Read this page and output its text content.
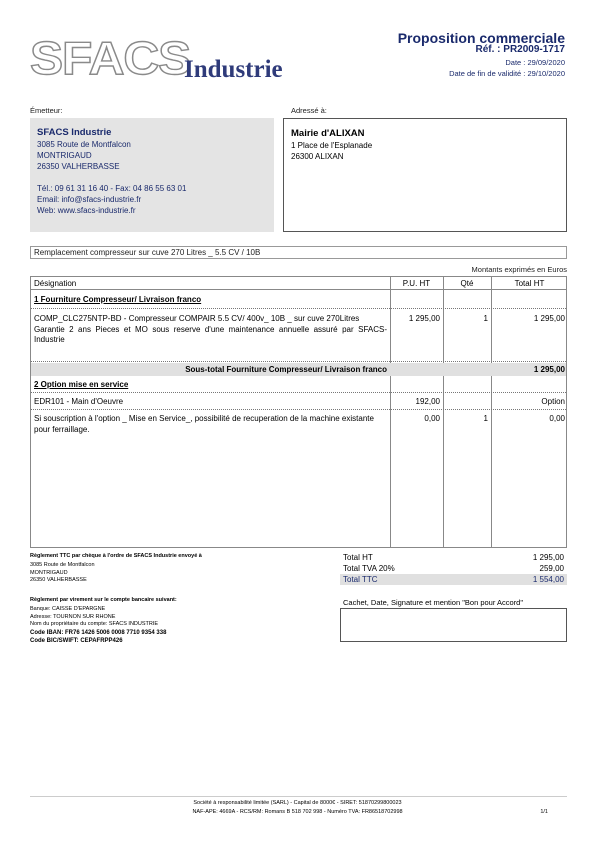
SFACS
Industrie
Proposition commerciale
Réf. : PR2009-1717
Date : 29/09/2020
Date de fin de validité : 29/10/2020
Émetteur:
SFACS Industrie
3085 Route de Montfalcon
MONTRIGAUD
26350 VALHERBASSE
Tél.: 09 61 31 16 40 - Fax: 04 86 55 63 01
Email: info@sfacs-industrie.fr
Web: www.sfacs-industrie.fr
Adressé à:
Mairie d'ALIXAN
1 Place de l'Esplanade
26300 ALIXAN
Remplacement compresseur sur cuve 270 Litres _ 5.5 CV / 10B
Montants exprimés en Euros
Désignation	P.U. HT	Qté	Total HT
1 Fourniture Compresseur/ Livraison franco
COMP_CLC275NTP-BD - Compresseur COMPAIR 5.5 CV/ 400v_ 10B _ sur cuve 270Litres
Garantie 2 ans Pieces et MO sous reserve d'une maintenance annuelle assuré par SFACS-Industrie
1 295,00	1	1 295,00
Sous-total Fourniture Compresseur/ Livraison franco	1 295,00
2 Option mise en service
EDR101 - Main d'Oeuvre	192,00	Option
Si souscription à l'option _ Mise en Service_, possibilité de recuperation de la machine existante pour ferraillage.
0,00	1	0,00
Règlement TTC par chèque à l'ordre de SFACS Industrie envoyé à
3085 Route de Montfalcon
MONTRIGAUD
26350 VALHERBASSE
Règlement par virement sur le compte bancaire suivant:
Banque: CAISSE D'EPARGNE
Adresse: TOURNON SUR RHONE
Nom du propriétaire du compte: SFACS INDUSTRIE
Code IBAN: FR76 1426 5006 0008 7710 9354 338
Code BIC/SWIFT: CEPAFRPP426
Total HT	1 295,00
Total TVA 20%	259,00
Total TTC	1 554,00
Cachet, Date, Signature et mention "Bon pour Accord"
Société à responsabilité limitée (SARL) - Capital de 8000€ - SIRET: 51870299800023
NAF-APE: 4669A - RCS/RM: Romans B 518 702 998 - Numéro TVA: FR86518702998	1/1
